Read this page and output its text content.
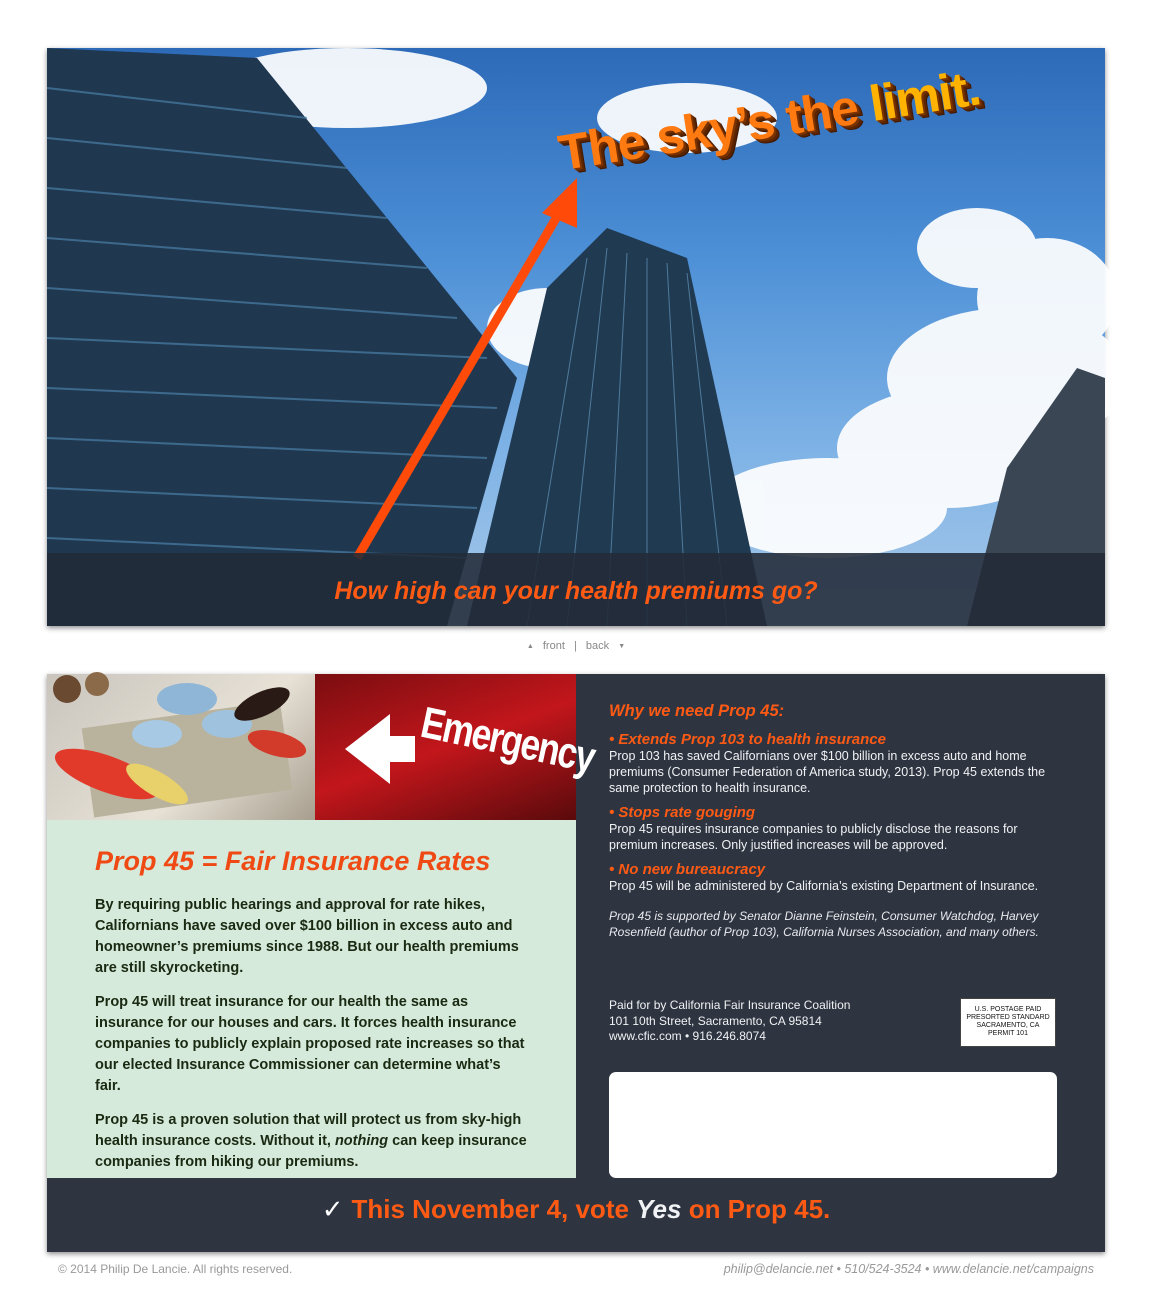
The sky’s the limit.

How high can your health premiums go?

▲ front | back ▼
Emergency
Prop 45 = Fair Insurance Rates

By requiring public hearings and approval for rate hikes, Californians have saved over $100 billion in excess auto and homeowner’s premiums since 1988. But our health premiums are still skyrocketing.

Prop 45 will treat insurance for our health the same as insurance for our houses and cars. It forces health insurance companies to publicly explain proposed rate increases so that our elected Insurance Commissioner can determine what’s fair.

Prop 45 is a proven solution that will protect us from sky-high health insurance costs. Without it, nothing can keep insurance companies from hiking our premiums.

Why we need Prop 45:
• Extends Prop 103 to health insurance
Prop 103 has saved Californians over $100 billion in excess auto and home premiums (Consumer Federation of America study, 2013). Prop 45 extends the same protection to health insurance.
• Stops rate gouging
Prop 45 requires insurance companies to publicly disclose the reasons for premium increases. Only justified increases will be approved.
• No new bureaucracy
Prop 45 will be administered by California’s existing Department of Insurance.
Prop 45 is supported by Senator Dianne Feinstein, Consumer Watchdog, Harvey Rosenfield (author of Prop 103), California Nurses Association, and many others.
Paid for by California Fair Insurance Coalition
101 10th Street, Sacramento, CA 95814
www.cfic.com • 916.246.8074
U.S. POSTAGE PAID
PRESORTED STANDARD
SACRAMENTO, CA
PERMIT 101
✓ This November 4, vote Yes on Prop 45.
© 2014 Philip De Lancie. All rights reserved.	philip@delancie.net • 510/524-3524 • www.delancie.net/campaigns
